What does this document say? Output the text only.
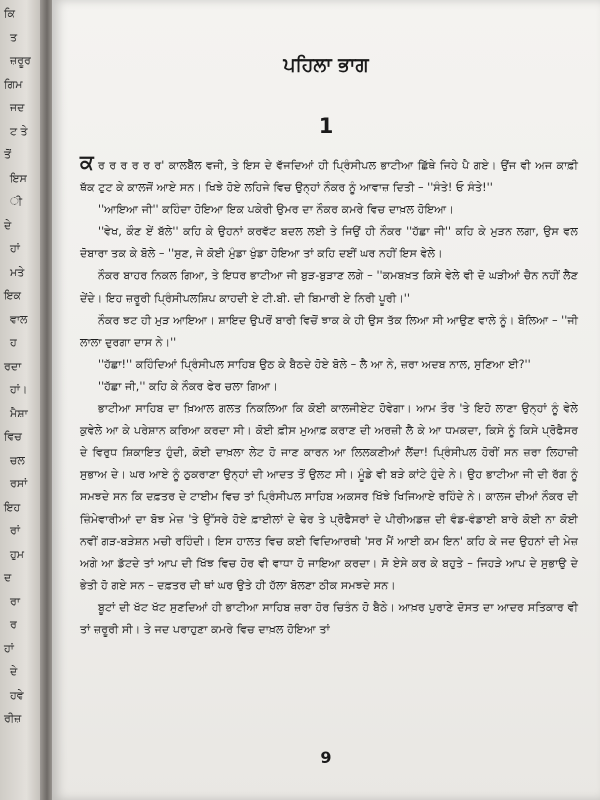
ਕਿ
ਤ
ਜ਼ਰੂਰ
ਗਿਮ
ਜਦ
ਟ ਤੇ
ਤੋਂ
ਇਸ
ੀ
ਦੇ
ਹਾਂ
ਮਤੇ
ਇਕ
ਵਾਲ
ਹ
ਰਦਾ
ਹਾਂ।
ਮੈਸ਼ਾ
ਵਿਚ
ਚਲ
ਰਸਾਂ
ਇਹ
ਰਾਂ
ਹੁਮ
ਦ
ਰਾ
ਰ
ਹਾਂ
ਦੇ
ਹਵੇ
ਰੀਜ਼
ਪਹਿਲਾ ਭਾਗ
1

ਕ ਰ ਰ ਰ ਰ ਰ ਰ' ਕਾਲਬੈੱਲ ਵਜੀ, ਤੇ ਇਸ ਦੇ ਵੱਜਦਿਆਂ ਹੀ ਪ੍ਰਿੰਸੀਪਲ ਭਾਟੀਆ ਛਿੱਥੇ ਜਿਹੇ ਪੈ ਗਏ। ਉਂਜ ਵੀ ਅਜ ਕਾਫ਼ੀ ਥੱਕ ਟੁਟ ਕੇ ਕਾਲਜੋਂ ਆਏ ਸਨ। ਖਿਝੇ ਹੋਏ ਲਹਿਜੇ ਵਿਚ ਉਨ੍ਹਾਂ ਨੌਕਰ ਨੂੰ ਆਵਾਜ਼ ਦਿਤੀ – ''ਸੰਤੇ! ਓ ਸੰਤੇ!''

''ਆਇਆ ਜੀ'' ਕਹਿੰਦਾ ਹੋਇਆ ਇਕ ਪਕੇਰੀ ਉਮਰ ਦਾ ਨੌਕਰ ਕਮਰੇ ਵਿਚ ਦਾਖ਼ਲ ਹੋਇਆ।

''ਵੇਖ, ਕੌਣ ਏਂ ਬੱਲੇ'' ਕਹਿ ਕੇ ਉਹਨਾਂ ਕਰਵੱਟ ਬਦਲ ਲਈ ਤੇ ਜਿਉਂ ਹੀ ਨੌਕਰ ''ਹੱਛਾ ਜੀ'' ਕਹਿ ਕੇ ਮੁੜਨ ਲਗਾ, ਉਸ ਵਲ ਦੋਬਾਰਾ ਤਕ ਕੇ ਬੋਲੇ – ''ਸੁਣ, ਜੇ ਕੋਈ ਮੁੰਡਾ ਖੁੰਡਾ ਹੋਇਆ ਤਾਂ ਕਹਿ ਦਈਂ ਘਰ ਨਹੀਂ ਇਸ ਵੇਲੇ।

ਨੌਕਰ ਬਾਹਰ ਨਿਕਲ ਗਿਆ, ਤੇ ਇਧਰ ਭਾਟੀਆ ਜੀ ਬੁੜ-ਬੁੜਾਣ ਲਗੇ – ''ਕਮਬਖ਼ਤ ਕਿਸੇ ਵੇਲੇ ਵੀ ਦੋ ਘੜੀਆਂ ਚੈਨ ਨਹੀਂ ਲੈਣ ਦੇਂਦੇ। ਇਹ ਜ਼ਰੂਰੀ ਪ੍ਰਿੰਸੀਪਲਸ਼ਿਪ ਕਾਹਦੀ ਏ ਟੀ.ਬੀ. ਦੀ ਬਿਮਾਰੀ ਏ ਨਿਰੀ ਪੂਰੀ।''

ਨੌਕਰ ਝਟ ਹੀ ਮੁੜ ਆਇਆ। ਸ਼ਾਇਦ ਉਪਰੋਂ ਬਾਰੀ ਵਿਚੋਂ ਝਾਕ ਕੇ ਹੀ ਉਸ ਤੱਕ ਲਿਆ ਸੀ ਆਉਣ ਵਾਲੇ ਨੂੰ। ਬੋਲਿਆ – ''ਜੀ ਲਾਲਾ ਦੁਰਗਾ ਦਾਸ ਨੇ।''

''ਹੱਛਾ!'' ਕਹਿੰਦਿਆਂ ਪ੍ਰਿੰਸੀਪਲ ਸਾਹਿਬ ਉਠ ਕੇ ਬੈਠਦੇ ਹੋਏ ਬੋਲੇ – ਲੈ ਆ ਨੇ, ਜ਼ਰਾ ਅਦਬ ਨਾਲ, ਸੁਣਿਆ ਈ?''

''ਹੱਛਾ ਜੀ,'' ਕਹਿ ਕੇ ਨੌਕਰ ਫੇਰ ਚਲਾ ਗਿਆ।

ਭਾਟੀਆ ਸਾਹਿਬ ਦਾ ਖ਼ਿਆਲ ਗਲਤ ਨਿਕਲਿਆ ਕਿ ਕੋਈ ਕਾਲਜੀਏਟ ਹੋਵੇਗਾ। ਆਮ ਤੌਰ 'ਤੇ ਇਹੋ ਲਾਣਾ ਉਨ੍ਹਾਂ ਨੂੰ ਵੇਲੇ ਕੁਵੇਲੇ ਆ ਕੇ ਪਰੇਸ਼ਾਨ ਕਰਿਆ ਕਰਦਾ ਸੀ। ਕੋਈ ਫ਼ੀਸ ਮੁਆਫ਼ ਕਰਾਣ ਦੀ ਅਰਜ਼ੀ ਲੈ ਕੇ ਆ ਧਮਕਦਾ, ਕਿਸੇ ਨੂੰ ਕਿਸੇ ਪ੍ਰੋਫੈਸਰ ਦੇ ਵਿਰੁਧ ਸ਼ਿਕਾਇਤ ਹੁੰਦੀ, ਕੋਈ ਦਾਖ਼ਲਾ ਲੇਟ ਹੋ ਜਾਣ ਕਾਰਨ ਆ ਲਿਲਕਣੀਆਂ ਲੈਂਦਾ! ਪ੍ਰਿੰਸੀਪਲ ਹੋਰੀਂ ਸਨ ਜ਼ਰਾ ਲਿਹਾਜ਼ੀ ਸੁਭਾਅ ਦੇ। ਘਰ ਆਏ ਨੂੰ ਠੁਕਰਾਣਾ ਉਨ੍ਹਾਂ ਦੀ ਆਦਤ ਤੋਂ ਉਲਟ ਸੀ। ਮੂੰਡੇ ਵੀ ਬੜੇ ਕਾਂਟੇ ਹੁੰਦੇ ਨੇ। ਉਹ ਭਾਟੀਆ ਜੀ ਦੀ ਰੱਗ ਨੂੰ ਸਮਝਦੇ ਸਨ ਕਿ ਦਫ਼ਤਰ ਦੇ ਟਾਈਮ ਵਿਚ ਤਾਂ ਪ੍ਰਿੰਸੀਪਲ ਸਾਹਿਬ ਅਕਸਰ ਖਿੱਝੇ ਖਿਜਿਆਏ ਰਹਿੰਦੇ ਨੇ। ਕਾਲਜ ਦੀਆਂ ਨੌਕਰ ਦੀ ਜ਼ਿੰਮੇਵਾਰੀਆਂ ਦਾ ਬੋਝ ਮੇਜ਼ 'ਤੇ ਉੱਸਰੇ ਹੋਏ ਫ਼ਾਈਲਾਂ ਦੇ ਢੇਰ ਤੇ ਪ੍ਰੋਫੈਸਰਾਂ ਦੇ ਪੀਰੀਅਡਜ਼ ਦੀ ਵੰਡ-ਵੰਡਾਈ ਬਾਰੇ ਕੋਈ ਨਾ ਕੋਈ ਨਵੀਂ ਗੜ-ਬੜੇਸ਼ਨ ਮਚੀ ਰਹਿੰਦੀ। ਇਸ ਹਾਲਤ ਵਿਚ ਕਈ ਵਿਦਿਆਰਥੀ 'ਸਰ ਮੈਂ ਆਈ ਕਮ ਇਨ' ਕਹਿ ਕੇ ਜਦ ਉਹਨਾਂ ਦੀ ਮੇਜ਼ ਅਗੇ ਆ ਡੱਟਦੇ ਤਾਂ ਆਪ ਦੀ ਖਿੱਝ ਵਿਚ ਹੋਰ ਵੀ ਵਾਧਾ ਹੋ ਜਾਇਆ ਕਰਦਾ। ਸੋ ਏਸੇ ਕਰ ਕੇ ਬਹੁਤੇ – ਜਿਹੜੇ ਆਪ ਦੇ ਸੁਭਾਉ ਦੇ ਭੇਤੀ ਹੋ ਗਏ ਸਨ – ਦਫ਼ਤਰ ਦੀ ਥਾਂ ਘਰ ਉਤੇ ਹੀ ਹੱਲਾ ਬੋਲਣਾ ਠੀਕ ਸਮਝਦੇ ਸਨ।

ਬੂਟਾਂ ਦੀ ਖੱਟ ਖੱਟ ਸੁਣਦਿਆਂ ਹੀ ਭਾਟੀਆ ਸਾਹਿਬ ਜ਼ਰਾ ਹੋਰ ਚਿਤੰਨ ਹੋ ਬੈਠੇ। ਆਖ਼ਰ ਪੁਰਾਣੇ ਦੋਸਤ ਦਾ ਆਦਰ ਸਤਿਕਾਰ ਵੀ ਤਾਂ ਜ਼ਰੂਰੀ ਸੀ। ਤੇ ਜਦ ਪਰਾਹੁਣਾ ਕਮਰੇ ਵਿਚ ਦਾਖ਼ਲ ਹੋਇਆ ਤਾਂ

9
